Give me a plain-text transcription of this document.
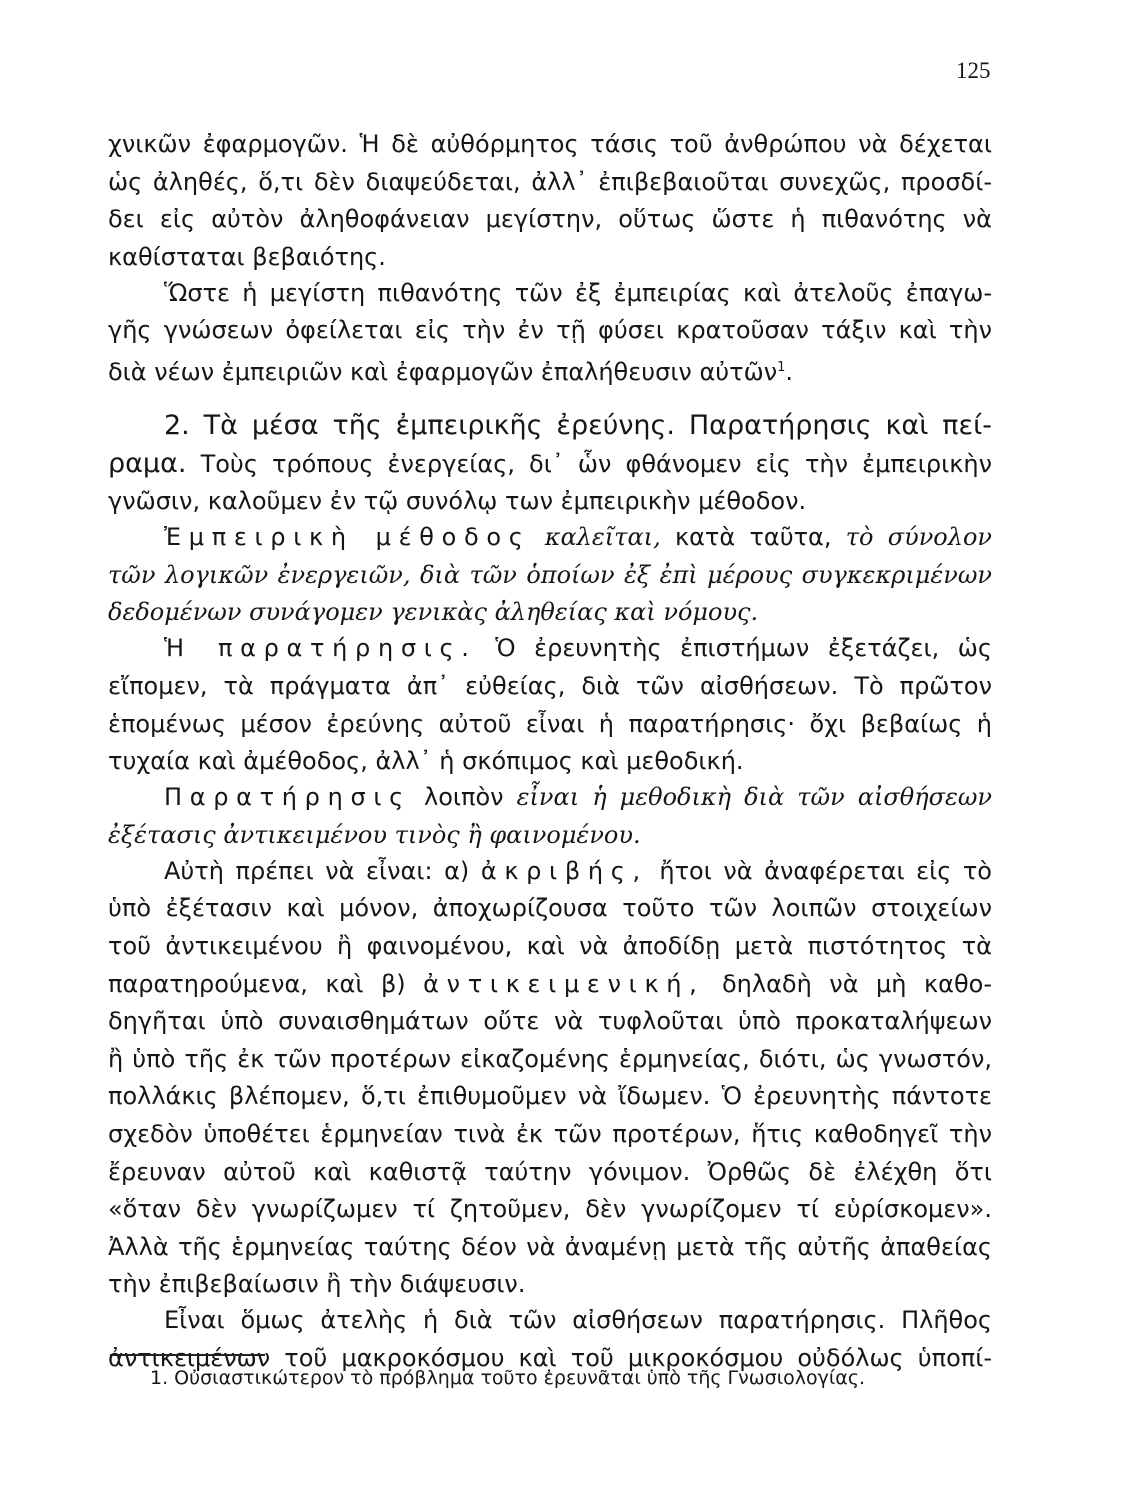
125
χνικῶν ἐφαρμογῶν. Ἡ δὲ αὐθόρμητος τάσις τοῦ ἀνθρώπου νὰ δέχεται
ὡς ἀληθές, ὅ,τι δὲν διαψεύδεται, ἀλλ᾽ ἐπιβεβαιοῦται συνεχῶς, προσδί-
δει εἰς αὐτὸν ἀληθοφάνειαν μεγίστην, οὕτως ὥστε ἡ πιθανότης νὰ
καθίσταται βεβαιότης.
Ὥστε ἡ μεγίστη πιθανότης τῶν ἐξ ἐμπειρίας καὶ ἀτελοῦς ἐπαγω-
γῆς γνώσεων ὀφείλεται εἰς τὴν ἐν τῇ φύσει κρατοῦσαν τάξιν καὶ τὴν
διὰ νέων ἐμπειριῶν καὶ ἐφαρμογῶν ἐπαλήθευσιν αὐτῶν$^1$.
2. Τὰ μέσα τῆς ἐμπειρικῆς ἐρεύνης. Παρατήρησις καὶ πεί-
ραμα. Τοὺς τρόπους ἐνεργείας, δι᾽ ὧν φθάνομεν εἰς τὴν ἐμπειρικὴν
γνῶσιν, καλοῦμεν ἐν τῷ συνόλῳ των ἐμπειρικὴν μέθοδον.
Ἐμπειρικὴ μέθοδος καλεῖται, κατὰ ταῦτα, τὸ σύνολον
τῶν λογικῶν ἐνεργειῶν, διὰ τῶν ὁποίων ἐξ ἐπὶ μέρους συγκεκριμένων
δεδομένων συνάγομεν γενικὰς ἀληθείας καὶ νόμους.
Ἡ παρατήρησις. Ὁ ἐρευνητὴς ἐπιστήμων ἐξετάζει, ὡς
εἴπομεν, τὰ πράγματα ἀπ᾽ εὐθείας, διὰ τῶν αἰσθήσεων. Τὸ πρῶτον
ἑπομένως μέσον ἐρεύνης αὐτοῦ εἶναι ἡ παρατήρησις· ὄχι βεβαίως ἡ
τυχαία καὶ ἀμέθοδος, ἀλλ᾽ ἡ σκόπιμος καὶ μεθοδική.
Παρατήρησις λοιπὸν εἶναι ἡ μεθοδικὴ διὰ τῶν αἰσθήσεων
ἐξέτασις ἀντικειμένου τινὸς ἢ φαινομένου.
Αὐτὴ πρέπει νὰ εἶναι: α) ἀκριβής, ἤτοι νὰ ἀναφέρεται εἰς τὸ
ὑπὸ ἐξέτασιν καὶ μόνον, ἀποχωρίζουσα τοῦτο τῶν λοιπῶν στοιχείων
τοῦ ἀντικειμένου ἢ φαινομένου, καὶ νὰ ἀποδίδῃ μετὰ πιστότητος τὰ
παρατηρούμενα, καὶ β) ἀντικειμενική, δηλαδὴ νὰ μὴ καθο-
δηγῆται ὑπὸ συναισθημάτων οὔτε νὰ τυφλοῦται ὑπὸ προκαταλήψεων
ἢ ὑπὸ τῆς ἐκ τῶν προτέρων εἰκαζομένης ἑρμηνείας, διότι, ὡς γνωστόν,
πολλάκις βλέπομεν, ὅ,τι ἐπιθυμοῦμεν νὰ ἴδωμεν. Ὁ ἐρευνητὴς πάντοτε
σχεδὸν ὑποθέτει ἑρμηνείαν τινὰ ἐκ τῶν προτέρων, ἥτις καθοδηγεῖ τὴν
ἔρευναν αὐτοῦ καὶ καθιστᾷ ταύτην γόνιμον. Ὀρθῶς δὲ ἐλέχθη ὅτι
«ὅταν δὲν γνωρίζωμεν τί ζητοῦμεν, δὲν γνωρίζομεν τί εὑρίσκομεν».
Ἀλλὰ τῆς ἑρμηνείας ταύτης δέον νὰ ἀναμένῃ μετὰ τῆς αὐτῆς ἀπαθείας
τὴν ἐπιβεβαίωσιν ἢ τὴν διάψευσιν.
Εἶναι ὅμως ἀτελὴς ἡ διὰ τῶν αἰσθήσεων παρατήρησις. Πλῆθος
ἀντικειμένων τοῦ μακροκόσμου καὶ τοῦ μικροκόσμου οὐδόλως ὑποπί-
1. Οὐσιαστικώτερον τὸ πρόβλημα τοῦτο ἐρευνᾶται ὑπὸ τῆς Γνωσιολογίας.
